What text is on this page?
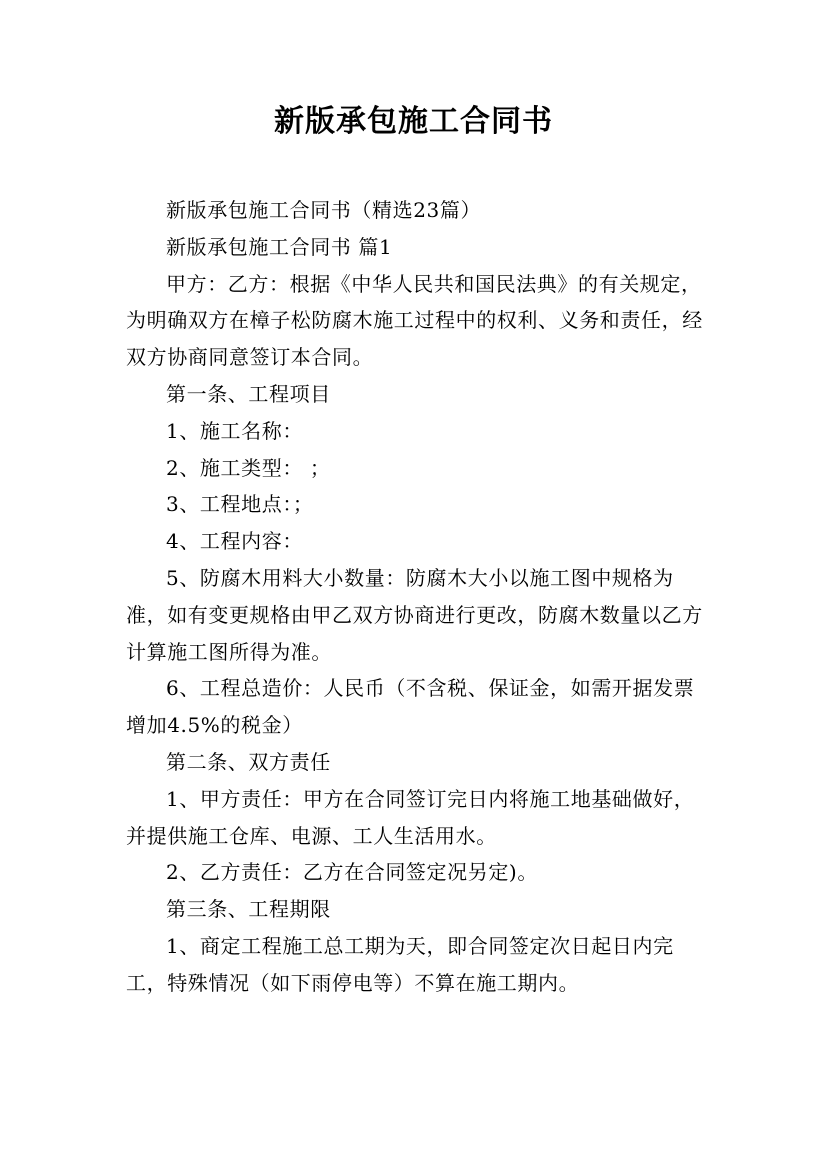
新版承包施工合同书

新版承包施工合同书（精选23篇）

新版承包施工合同书 篇1

甲方：乙方：根据《中华人民共和国民法典》的有关规定，为明确双方在樟子松防腐木施工过程中的权利、义务和责任，经双方协商同意签订本合同。

第一条、工程项目

1、施工名称：

2、施工类型： ；

3、工程地点：；

4、工程内容：

5、防腐木用料大小数量：防腐木大小以施工图中规格为准，如有变更规格由甲乙双方协商进行更改，防腐木数量以乙方计算施工图所得为准。

6、工程总造价：人民币（不含税、保证金，如需开据发票增加4.5%的税金）

第二条、双方责任

1、甲方责任：甲方在合同签订完日内将施工地基础做好，并提供施工仓库、电源、工人生活用水。

2、乙方责任：乙方在合同签定况另定)。

第三条、工程期限

1、商定工程施工总工期为天，即合同签定次日起日内完工，特殊情况（如下雨停电等）不算在施工期内。
